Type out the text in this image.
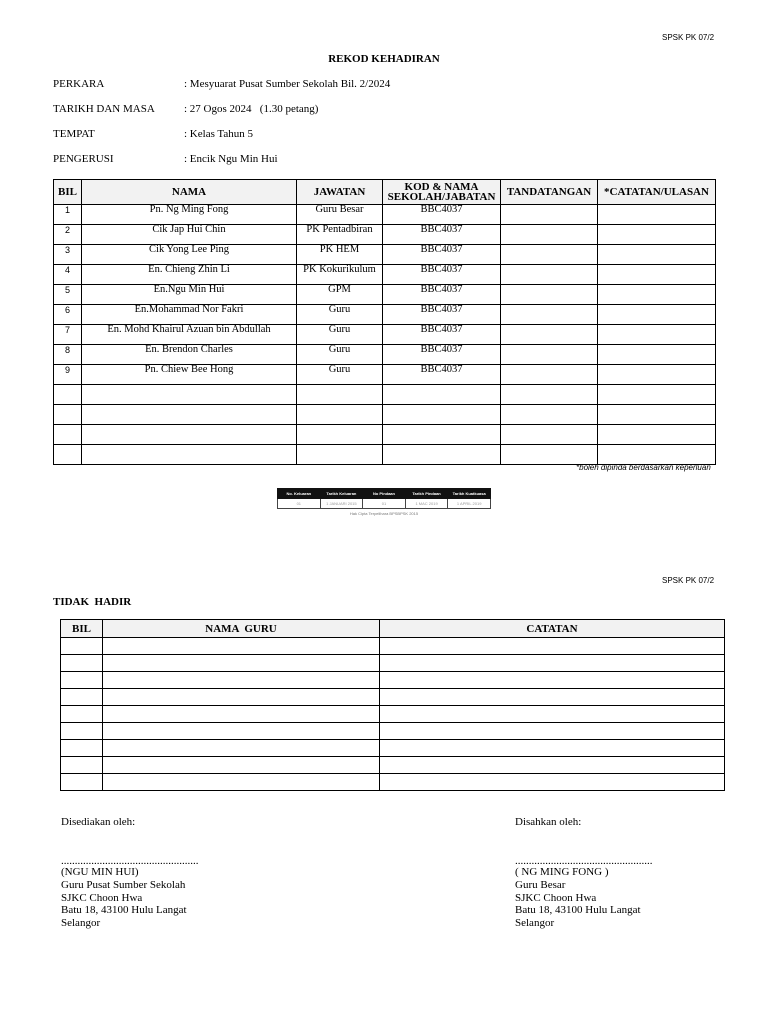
SPSK PK 07/2
REKOD KEHADIRAN
PERKARA	: Mesyuarat Pusat Sumber Sekolah Bil. 2/2024
TARIKH DAN MASA	: 27 Ogos 2024   (1.30 petang)
TEMPAT	: Kelas Tahun 5
PENGERUSI	: Encik Ngu Min Hui
BIL	NAMA	JAWATAN	KOD & NAMA SEKOLAH/JABATAN	TANDATANGAN	*CATATAN/ULASAN
1	Pn. Ng Ming Fong	Guru Besar	BBC4037		
2	Cik Jap Hui Chin	PK Pentadbiran	BBC4037		
3	Cik Yong Lee Ping	PK HEM	BBC4037		
4	En. Chieng Zhin Li	PK Kokurikulum	BBC4037		
5	En.Ngu Min Hui	GPM	BBC4037		
6	En.Mohammad Nor Fakri	Guru	BBC4037		
7	En. Mohd Khairul Azuan bin Abdullah	Guru	BBC4037		
8	En. Brendon Charles	Guru	BBC4037		
9	Pn. Chiew Bee Hong	Guru	BBC4037		

*boleh dipinda berdasarkan keperluan
No. Keluaran	Tarikh Keluaran	No Pindaan	Tarikh Pindaan	Tarikh Kuatkuasa
01	1 JANUARI 2015	01	1 MAC 2019	1 APRIL 2019
Hak Cipta Terpelihara BPSBPSK 2015
SPSK PK 07/2
TIDAK  HADIR
BIL	NAMA  GURU	CATATAN

Disediakan oleh:
..................................................
(NGU MIN HUI)
Guru Pusat Sumber Sekolah
SJKC Choon Hwa
Batu 18, 43100 Hulu Langat
Selangor
Disahkan oleh:
..................................................
( NG MING FONG )
Guru Besar
SJKC Choon Hwa
Batu 18, 43100 Hulu Langat
Selangor
